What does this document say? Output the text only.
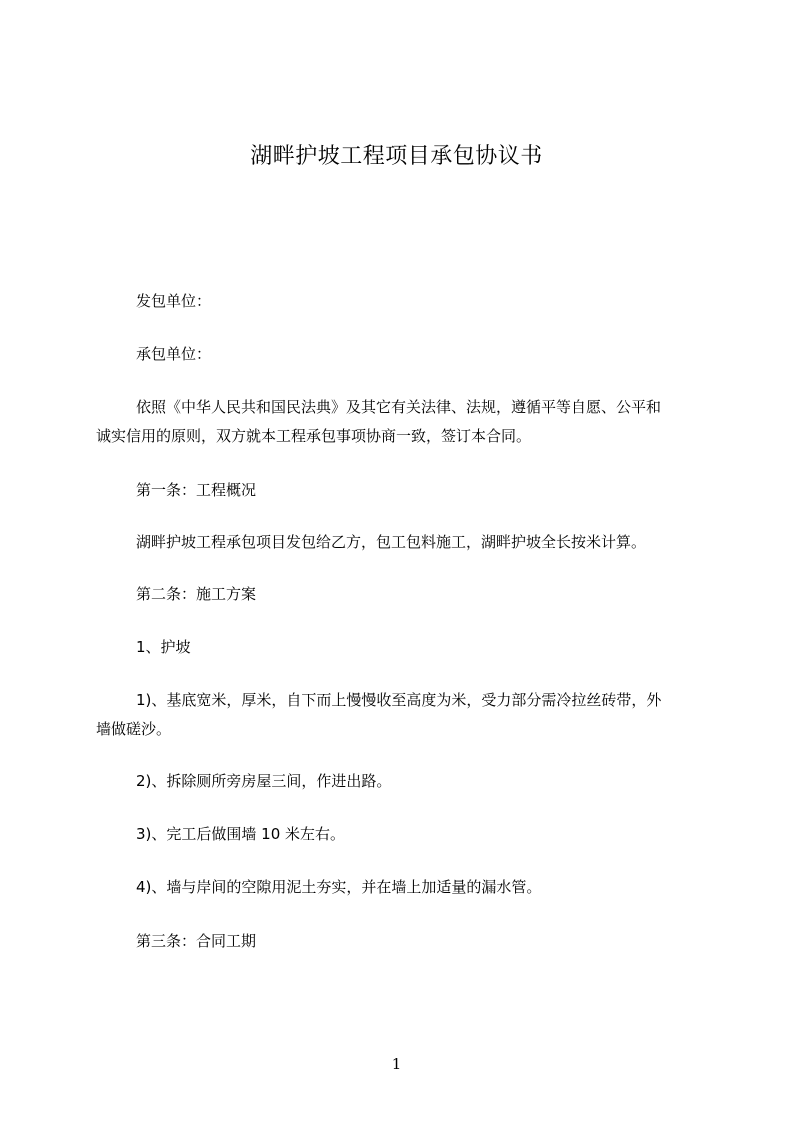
湖畔护坡工程项目承包协议书

发包单位：

承包单位：

依照《中华人民共和国民法典》及其它有关法律、法规，遵循平等自愿、公平和
诚实信用的原则，双方就本工程承包事项协商一致，签订本合同。

第一条：工程概况

湖畔护坡工程承包项目发包给乙方，包工包料施工，湖畔护坡全长按米计算。

第二条：施工方案

1、护坡

1)、基底宽米，厚米，自下而上慢慢收至高度为米，受力部分需冷拉丝砖带，外
墙做磋沙。

2)、拆除厕所旁房屋三间，作进出路。

3)、完工后做围墙 10 米左右。

4)、墙与岸间的空隙用泥土夯实，并在墙上加适量的漏水管。

第三条：合同工期

1
